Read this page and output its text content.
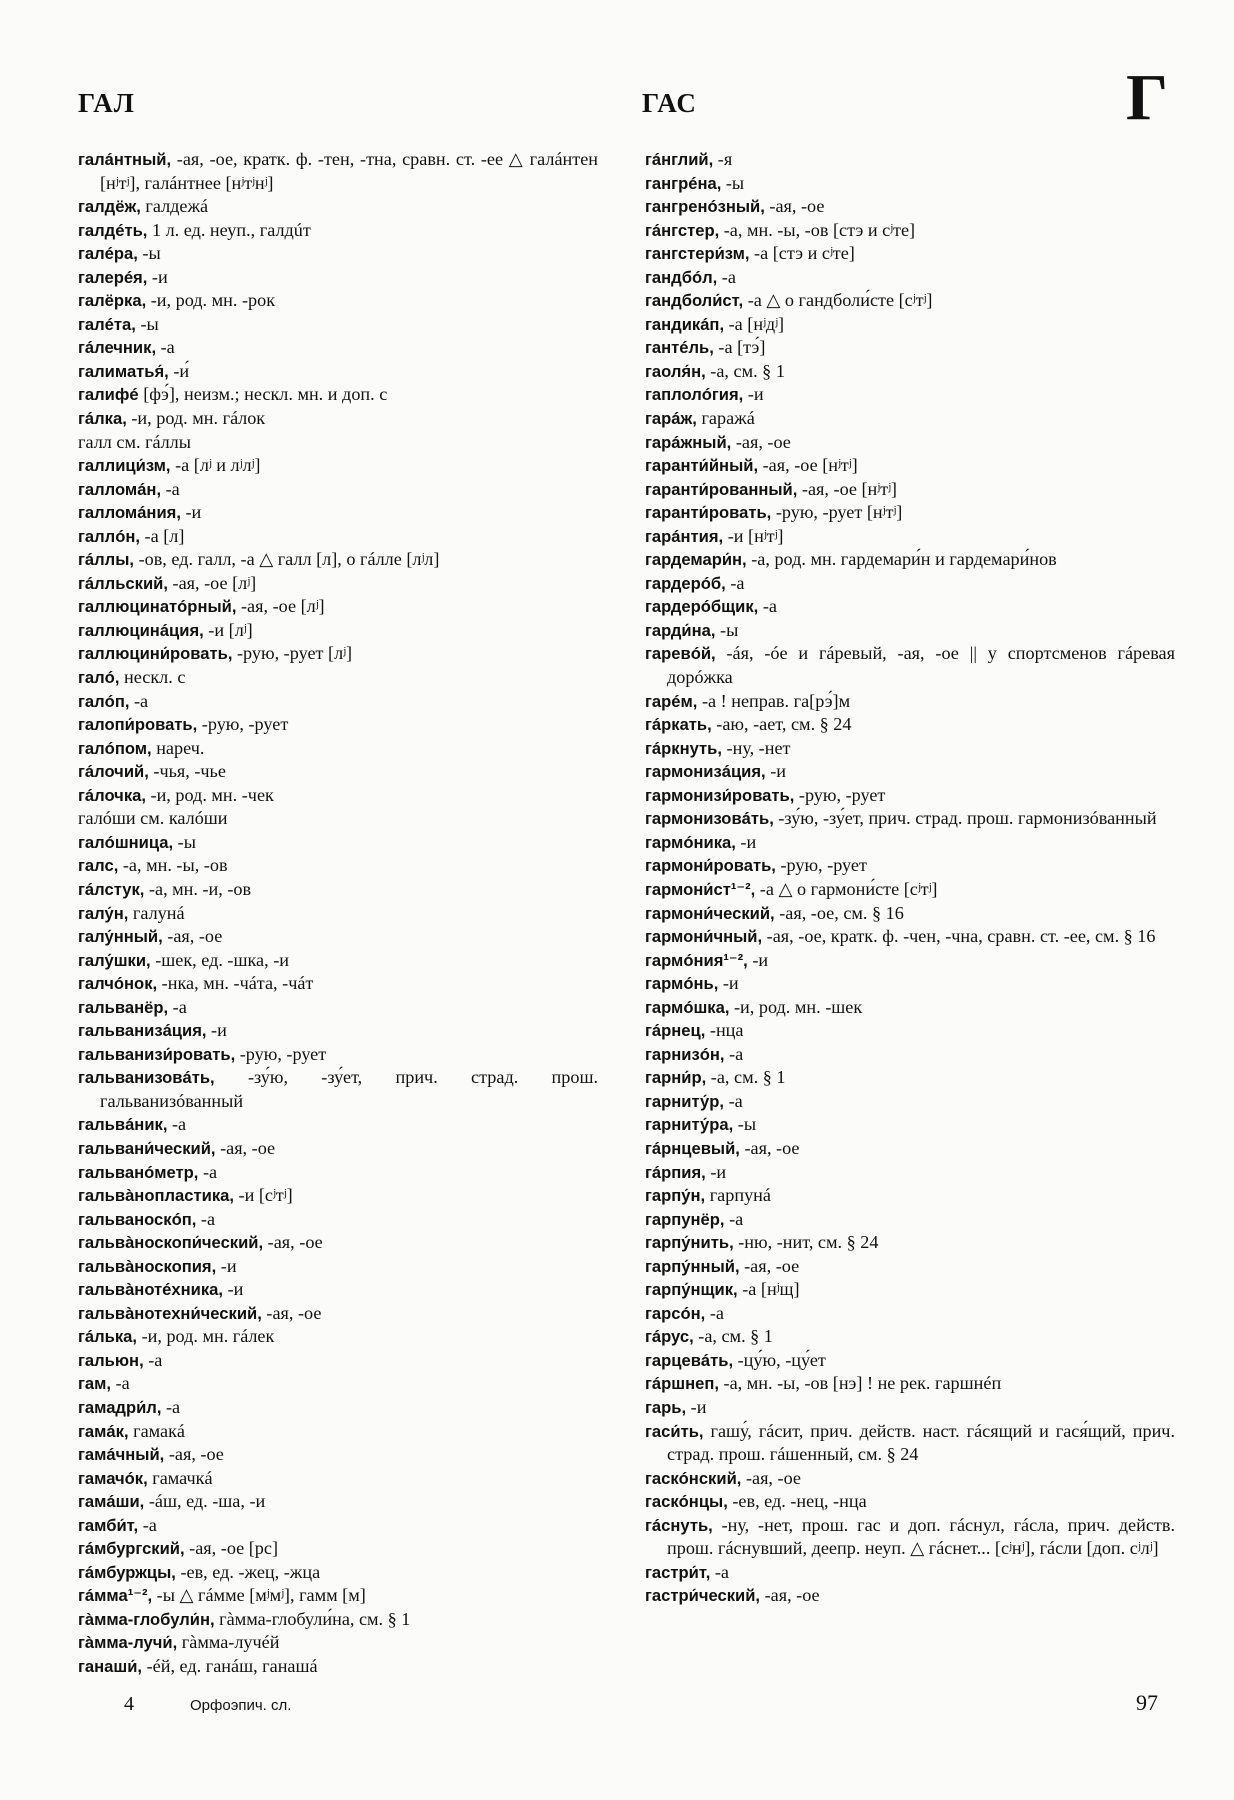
ГАЛ	ГАС	Г

галáнтный, -ая, -ое, кратк. ф. -тен, -тна, сравн. ст. -ее △ галáнтен [нʲтʲ], галáнтнее [нʲтʲнʲ]

галдёж, галдежá

галдéть, 1 л. ед. неуп., галдúт

галéра, -ы

галерéя, -и

галёрка, -и, род. мн. -рок

галéта, -ы

гáлечник, -а

галиматья́, -и́

галифé [фэ́], неизм.; нескл. мн. и доп. с

гáлка, -и, род. мн. гáлок

галл см. гáллы

галлици́зм, -а [лʲ и лʲлʲ]

галломáн, -а

галломáния, -и

галлóн, -а [л]

гáллы, -ов, ед. галл, -а △ галл [л], о гáлле [лʲл]

гáлльский, -ая, -ое [лʲ]

галлюцинатóрный, -ая, -ое [лʲ]

галлюцинáция, -и [лʲ]

галлюцини́ровать, -рую, -рует [лʲ]

галó, нескл. с

галóп, -а

галопи́ровать, -рую, -рует

галóпом, нареч.

гáлочий, -чья, -чье

гáлочка, -и, род. мн. -чек

галóши см. калóши

галóшница, -ы

галс, -а, мн. -ы, -ов

гáлстук, -а, мн. -и, -ов

галу́н, галунá

галу́нный, -ая, -ое

галу́шки, -шек, ед. -шка, -и

галчóнок, -нка, мн. -чáта, -чáт

гальванёр, -а

гальванизáция, -и

гальванизи́ровать, -рую, -рует

гальванизовáть, -зу́ю, -зу́ет, прич. страд. прош. гальванизóванный

гальвáник, -а

гальвани́ческий, -ая, -ое

гальванóметр, -а

гальвàнопластика, -и [сʲтʲ]

гальваноскóп, -а

гальвàноскопи́ческий, -ая, -ое

гальвàноскопия, -и

гальвàнотéхника, -и

гальвàнотехни́ческий, -ая, -ое

гáлька, -и, род. мн. гáлек

гальюн, -а

гам, -а

гамадри́л, -а

гамáк, гамакá

гамáчный, -ая, -ое

гамачóк, гамачкá

гамáши, -áш, ед. -ша, -и

гамби́т, -а

гáмбургский, -ая, -ое [рс]

гáмбуржцы, -ев, ед. -жец, -жца

гáмма¹⁻², -ы △ гáмме [мʲмʲ], гамм [м]

гàмма-глобули́н, гàмма-глобули́на, см. § 1

гàмма-лучи́, гàмма-лучéй

ганаши́, -éй, ед. ганáш, ганашá

гáнглий, -я

гангрéна, -ы

гангренóзный, -ая, -ое

гáнгстер, -а, мн. -ы, -ов [стэ и сʲтe]

гангстери́зм, -а [стэ и сʲтe]

гандбóл, -а

гандболи́ст, -а △ о гандболи́сте [сʲтʲ]

гандикáп, -а [нʲдʲ]

гантéль, -а [тэ́]

гаоля́н, -а, см. § 1

гаплолóгия, -и

гарáж, гаражá

гарáжный, -ая, -ое

гаранти́йный, -ая, -ое [нʲтʲ]

гаранти́рованный, -ая, -ое [нʲтʲ]

гаранти́ровать, -рую, -рует [нʲтʲ]

гарáнтия, -и [нʲтʲ]

гардемари́н, -а, род. мн. гардемари́н и гардемари́нов

гардерóб, -а

гардерóбщик, -а

гарди́на, -ы

гаревóй, -áя, -óе и гáревый, -ая, -ое || у спортсменов гáревая дорóжка

гарéм, -а ! неправ. га[рэ́]м

гáркать, -аю, -ает, см. § 24

гáркнуть, -ну, -нет

гармонизáция, -и

гармонизи́ровать, -рую, -рует

гармонизовáть, -зу́ю, -зу́ет, прич. страд. прош. гармонизóванный

гармóника, -и

гармони́ровать, -рую, -рует

гармони́ст¹⁻², -а △ о гармони́сте [сʲтʲ]

гармони́ческий, -ая, -ое, см. § 16

гармони́чный, -ая, -ое, кратк. ф. -чен, -чна, сравн. ст. -ее, см. § 16

гармóния¹⁻², -и

гармóнь, -и

гармóшка, -и, род. мн. -шек

гáрнец, -нца

гарнизóн, -а

гарни́р, -а, см. § 1

гарниту́р, -а

гарниту́ра, -ы

гáрнцевый, -ая, -ое

гáрпия, -и

гарпу́н, гарпунá

гарпунёр, -а

гарпу́нить, -ню, -нит, см. § 24

гарпу́нный, -ая, -ое

гарпу́нщик, -а [нʲщ]

гарсóн, -а

гáрус, -а, см. § 1

гарцевáть, -цу́ю, -цу́ет

гáршнеп, -а, мн. -ы, -ов [нэ] ! не рек. гаршнéп

гарь, -и

гаси́ть, гашу́, гáсит, прич. действ. наст. гáсящий и гася́щий, прич. страд. прош. гáшенный, см. § 24

гаскóнский, -ая, -ое

гаскóнцы, -ев, ед. -нец, -нца

гáснуть, -ну, -нет, прош. гас и доп. гáснул, гáсла, прич. действ. прош. гáснувший, деепр. неуп. △ гáснет... [сʲнʲ], гáсли [доп. сʲлʲ]

гастри́т, -а

гастри́ческий, -ая, -ое

4	Орфоэпич. сл.	97
